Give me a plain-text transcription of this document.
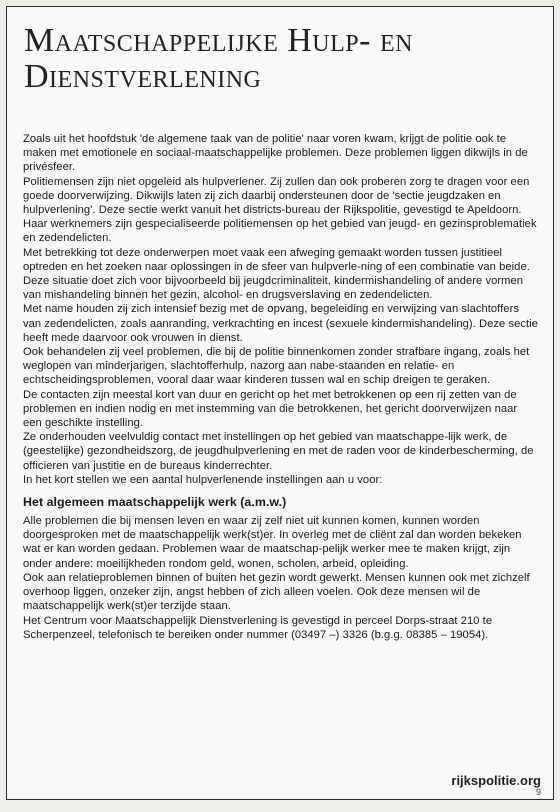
Maatschappelijke Hulp- en Dienstverlening

Zoals uit het hoofdstuk 'de algemene taak van de politie' naar voren kwam, krijgt de politie ook te maken met emotionele en sociaal-maatschappelijke problemen. Deze problemen liggen dikwijls in de privésfeer.

Politiemensen zijn niet opgeleid als hulpverlener. Zij zullen dan ook proberen zorg te dragen voor een goede doorverwijzing. Dikwijls laten zij zich daarbij ondersteunen door de 'sectie jeugdzaken en hulpverlening'. Deze sectie werkt vanuit het districts-bureau der Rijkspolitie, gevestigd te Apeldoorn.

Haar werknemers zijn gespecialiseerde politiemensen op het gebied van jeugd- en gezinsproblematiek en zedendelicten.

Met betrekking tot deze onderwerpen moet vaak een afweging gemaakt worden tussen justitieel optreden en het zoeken naar oplossingen in de sfeer van hulpverle-ning of een combinatie van beide.

Deze situatie doet zich voor bijvoorbeeld bij jeugdcriminaliteit, kindermishandeling of andere vormen van mishandeling binnen het gezin, alcohol- en drugsverslaving en zedendelicten.

Met name houden zij zich intensief bezig met de opvang, begeleiding en verwijzing van slachtoffers van zedendelicten, zoals aanranding, verkrachting en incest (sexuele kindermishandeling). Deze sectie heeft mede daarvoor ook vrouwen in dienst.

Ook behandelen zij veel problemen, die bij de politie binnenkomen zonder strafbare ingang, zoals het weglopen van minderjarigen, slachtofferhulp, nazorg aan nabe-staanden en relatie- en echtscheidingsproblemen, vooral daar waar kinderen tussen wal en schip dreigen te geraken.

De contacten zijn meestal kort van duur en gericht op het met betrokkenen op een rij zetten van de problemen en indien nodig en met instemming van die betrokkenen, het gericht doorverwijzen naar een geschikte instelling.

Ze onderhouden veelvuldig contact met instellingen op het gebied van maatschappe-lijk werk, de (geestelijke) gezondheidszorg, de jeugdhulpverlening en met de raden voor de kinderbescherming, de officieren van justitie en de bureaus kinderrechter.

In het kort stellen we een aantal hulpverlenende instellingen aan u voor:

Het algemeen maatschappelijk werk (a.m.w.)

Alle problemen die bij mensen leven en waar zij zelf niet uit kunnen komen, kunnen worden doorgesproken met de maatschappelijk werk(st)er. In overleg met de cliënt zal dan worden bekeken wat er kan worden gedaan. Problemen waar de maatschap-pelijk werker mee te maken krijgt, zijn onder andere: moeilijkheden rondom geld, wonen, scholen, arbeid, opleiding.

Ook aan relatieproblemen binnen of buiten het gezin wordt gewerkt. Mensen kunnen ook met zichzelf overhoop liggen, onzeker zijn, angst hebben of zich alleen voelen. Ook deze mensen wil de maatschappelijk werk(st)er terzijde staan.

Het Centrum voor Maatschappelijk Dienstverlening is gevestigd in perceel Dorps-straat 210 te Scherpenzeel, telefonisch te bereiken onder nummer (03497 –) 3326 (b.g.g. 08385 – 19054).

rijkspolitie.org
9
